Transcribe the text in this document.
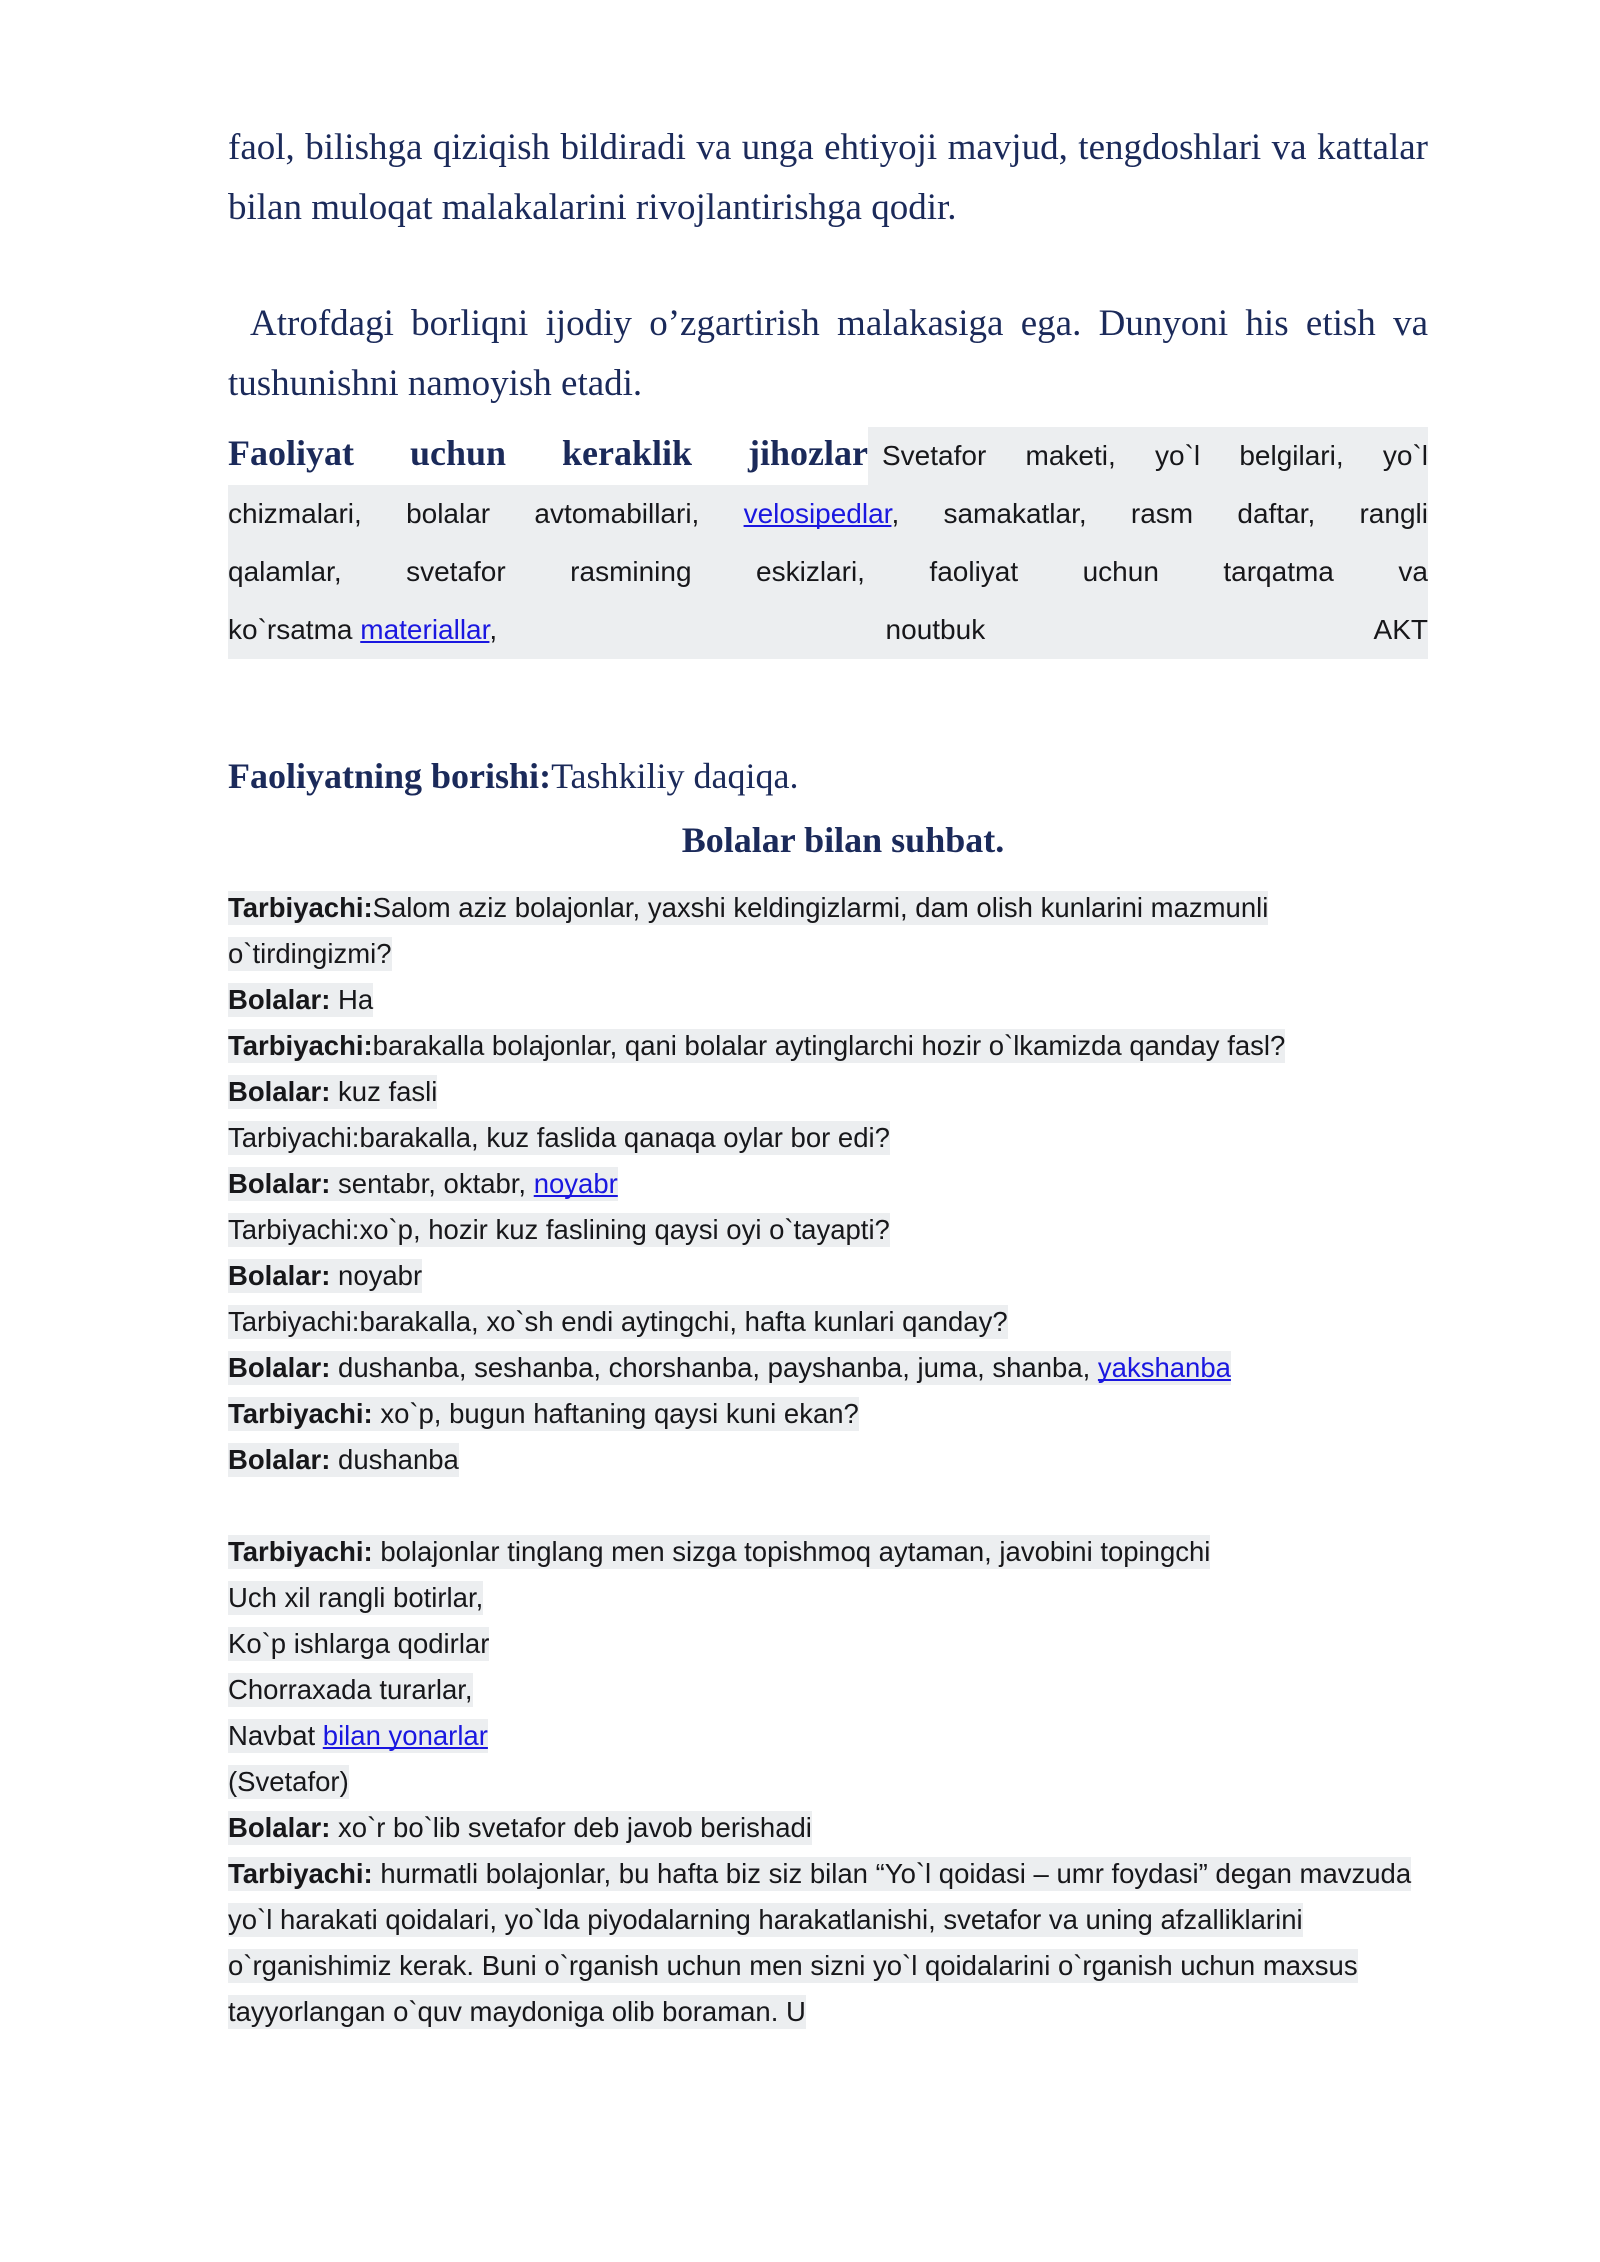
faol, bilishga qiziqish bildiradi va unga ehtiyoji mavjud, tengdoshlari va kattalar bilan muloqat malakalarini rivojlantirishga qodir.

Atrofdagi borliqni ijodiy o’zgartirish malakasiga ega. Dunyoni his etish va tushunishni namoyish etadi.

Faoliyat uchun keraklik jihozlar Svetafor maketi, yo`l belgilari, yo`l
chizmalari, bolalar avtomabillari, velosipedlar, samakatlar, rasm daftar, rangli
qalamlar, svetafor rasmining eskizlari, faoliyat uchun tarqatma va
ko`rsatma materiallar,	noutbuk	AKT

Faoliyatning borishi:Tashkiliy daqiqa.

Bolalar bilan suhbat.

Tarbiyachi:Salom aziz bolajonlar, yaxshi keldingizlarmi, dam olish kunlarini mazmunli o`tirdingizmi?

Bolalar: Ha

Tarbiyachi:barakalla bolajonlar, qani bolalar aytinglarchi hozir o`lkamizda qanday fasl?

Bolalar: kuz fasli

Tarbiyachi:barakalla, kuz faslida qanaqa oylar bor edi?

Bolalar: sentabr, oktabr, noyabr

Tarbiyachi:xo`p, hozir kuz faslining qaysi oyi o`tayapti?

Bolalar: noyabr

Tarbiyachi:barakalla, xo`sh endi aytingchi, hafta kunlari qanday?

Bolalar: dushanba, seshanba, chorshanba, payshanba, juma, shanba, yakshanba

Tarbiyachi: xo`p, bugun haftaning qaysi kuni ekan?

Bolalar: dushanba

Tarbiyachi: bolajonlar tinglang men sizga topishmoq aytaman, javobini topingchi

Uch xil rangli botirlar,

Ko`p ishlarga qodirlar

Chorraxada turarlar,

Navbat bilan yonarlar

(Svetafor)

Bolalar: xo`r bo`lib svetafor deb javob berishadi

Tarbiyachi: hurmatli bolajonlar, bu hafta biz siz bilan “Yo`l qoidasi – umr foydasi” degan mavzuda yo`l harakati qoidalari, yo`lda piyodalarning harakatlanishi, svetafor va uning afzalliklarini o`rganishimiz kerak. Buni o`rganish uchun men sizni yo`l qoidalarini o`rganish uchun maxsus tayyorlangan o`quv maydoniga olib boraman. U
